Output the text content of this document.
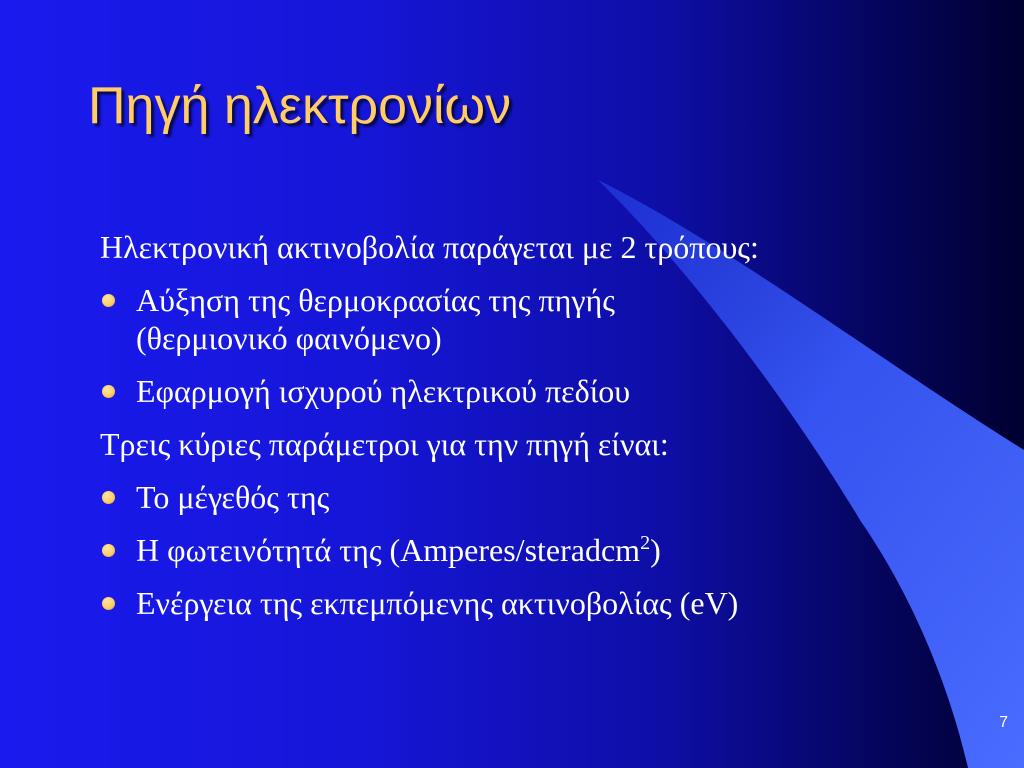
Πηγή ηλεκτρονίων

Ηλεκτρονική ακτινοβολία παράγεται με 2 τρόπους:

Αύξηση της θερμοκρασίας της πηγής
(θερμιονικό φαινόμενο)
Εφαρμογή ισχυρού ηλεκτρικού πεδίου

Τρεις κύριες παράμετροι για την πηγή είναι:

Το μέγεθός της
Η φωτεινότητά της (Amperes/steradcm$^2$)
Ενέργεια της εκπεμπόμενης ακτινοβολίας (eV)
7
